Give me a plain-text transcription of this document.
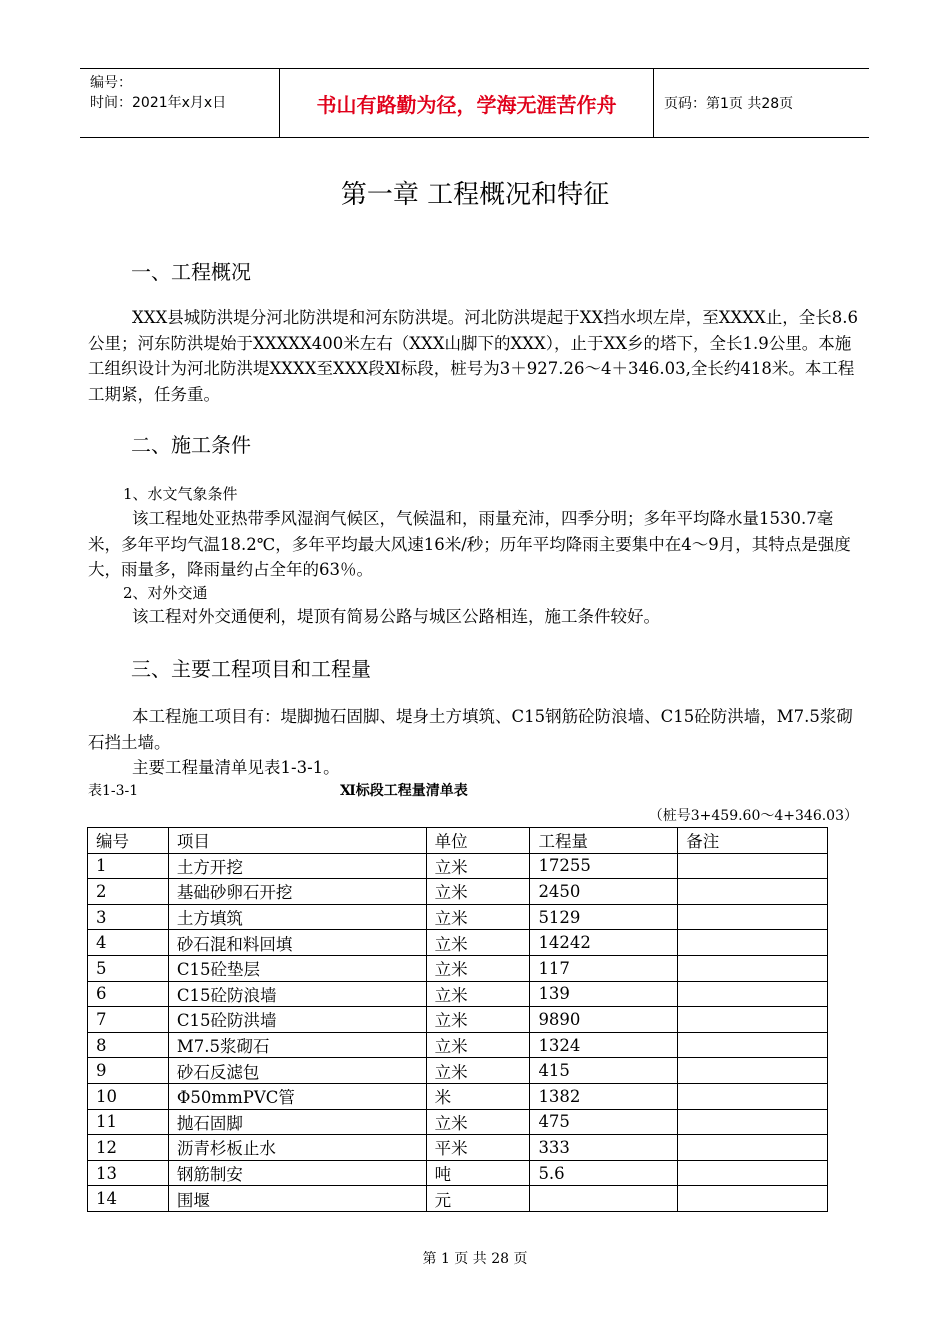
编号：
时间：2021年x月x日	书山有路勤为径，学海无涯苦作舟	页码：第1页 共28页
第一章 工程概况和特征
一、工程概况

XXX县城防洪堤分河北防洪堤和河东防洪堤。河北防洪堤起于XX挡水坝左岸，至XXXX止，全长8.6公里；河东防洪堤始于XXXXX400米左右（XXX山脚下的XXX），止于XX乡的塔下，全长1.9公里。本施工组织设计为河北防洪堤XXXX至XXX段Ⅺ标段，桩号为3＋927.26～4＋346.03,全长约418米。本工程工期紧，任务重。

二、施工条件
1、水文气象条件

该工程地处亚热带季风湿润气候区，气候温和，雨量充沛，四季分明；多年平均降水量1530.7毫米，多年平均气温18.2℃，多年平均最大风速16米/秒；历年平均降雨主要集中在4～9月，其特点是强度大，雨量多，降雨量约占全年的63％。

2、对外交通

该工程对外交通便利，堤顶有简易公路与城区公路相连，施工条件较好。

三、主要工程项目和工程量

本工程施工项目有：堤脚抛石固脚、堤身土方填筑、C15钢筋砼防浪墙、C15砼防洪墙，M7.5浆砌石挡土墙。

主要工程量清单见表1-3-1。

表1-3-1	Ⅺ标段工程量清单表
（桩号3+459.60～4+346.03）
编号	项目	单位	工程量	备注
1	土方开挖	立米	17255	
2	基础砂卵石开挖	立米	2450	
3	土方填筑	立米	5129	
4	砂石混和料回填	立米	14242	
5	C15砼垫层	立米	117	
6	C15砼防浪墙	立米	139	
7	C15砼防洪墙	立米	9890	
8	M7.5浆砌石	立米	1324	
9	砂石反滤包	立米	415	
10	Φ50mmPVC管	米	1382	
11	抛石固脚	立米	475	
12	沥青杉板止水	平米	333	
13	钢筋制安	吨	5.6	
14	围堰	元		
第 1 页 共 28 页
